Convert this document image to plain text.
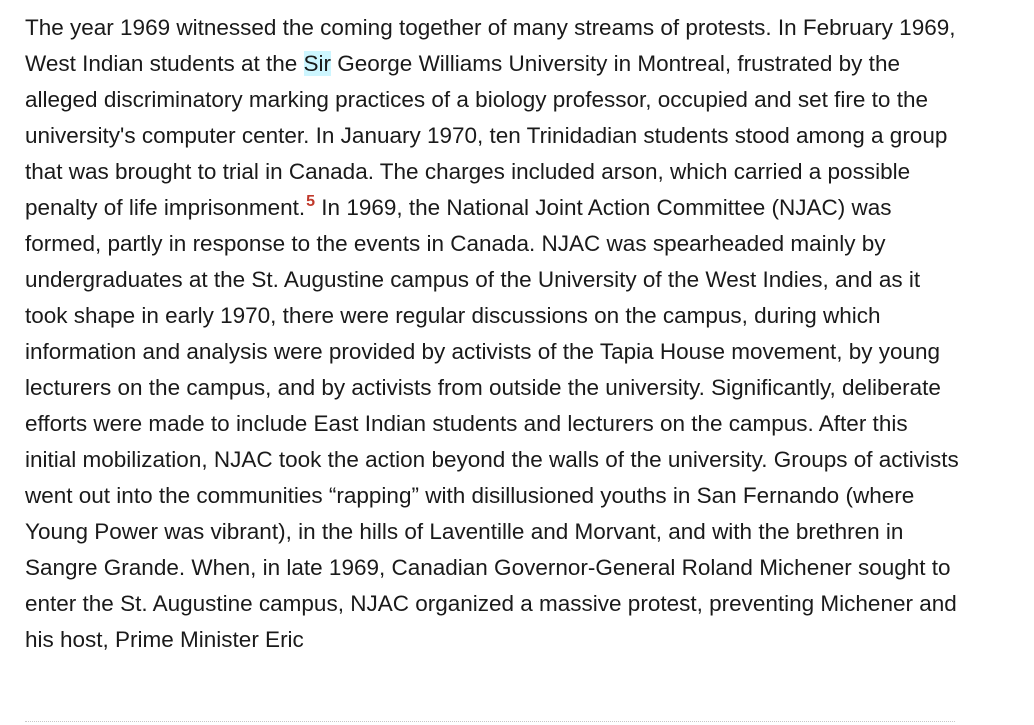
The year 1969 witnessed the coming together of many streams of protests. In February 1969, West Indian students at the Sir George Williams University in Montreal, frustrated by the alleged discriminatory marking practices of a biology professor, occupied and set fire to the university's computer center. In January 1970, ten Trinidadian students stood among a group that was brought to trial in Canada. The charges included arson, which carried a possible penalty of life imprisonment.$^5$ In 1969, the National Joint Action Committee (NJAC) was formed, partly in response to the events in Canada. NJAC was spearheaded mainly by undergraduates at the St. Augustine campus of the University of the West Indies, and as it took shape in early 1970, there were regular discussions on the campus, during which information and analysis were provided by activists of the Tapia House movement, by young lecturers on the campus, and by activists from outside the university. Significantly, deliberate efforts were made to include East Indian students and lecturers on the campus. After this initial mobilization, NJAC took the action beyond the walls of the university. Groups of activists went out into the communities “rapping” with disillusioned youths in San Fernando (where Young Power was vibrant), in the hills of Laventille and Morvant, and with the brethren in Sangre Grande. When, in late 1969, Canadian Governor-General Roland Michener sought to enter the St. Augustine campus, NJAC organized a massive protest, preventing Michener and his host, Prime Minister Eric
